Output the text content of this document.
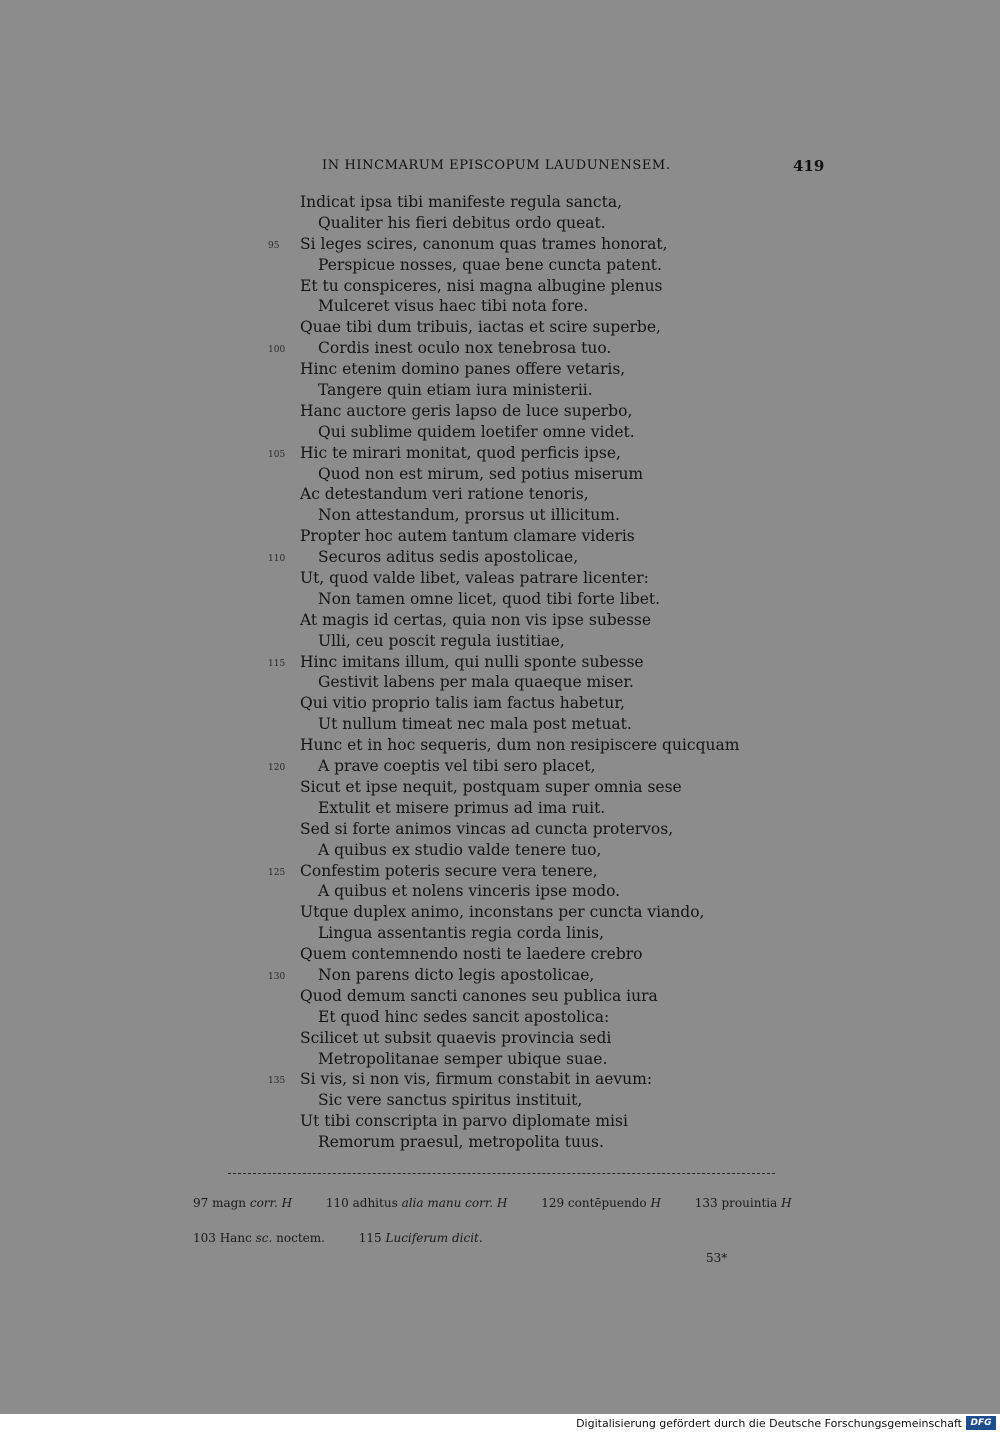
IN HINCMARUM EPISCOPUM LAUDUNENSEM.	419
Indicat ipsa tibi manifeste regula sancta,
Qualiter his fieri debitus ordo queat.
95 Si leges scires, canonum quas trames honorat,
Perspicue nosses, quae bene cuncta patent.
Et tu conspiceres, nisi magna albugine plenus
Mulceret visus haec tibi nota fore.
Quae tibi dum tribuis, iactas et scire superbe,
100 Cordis inest oculo nox tenebrosa tuo.
Hinc etenim domino panes offere vetaris,
Tangere quin etiam iura ministerii.
Hanc auctore geris lapso de luce superbo,
Qui sublime quidem loetifer omne videt.
105 Hic te mirari monitat, quod perficis ipse,
Quod non est mirum, sed potius miserum
Ac detestandum veri ratione tenoris,
Non attestandum, prorsus ut illicitum.
Propter hoc autem tantum clamare videris
110 Securos aditus sedis apostolicae,
Ut, quod valde libet, valeas patrare licenter:
Non tamen omne licet, quod tibi forte libet.
At magis id certas, quia non vis ipse subesse
Ulli, ceu poscit regula iustitiae,
115 Hinc imitans illum, qui nulli sponte subesse
Gestivit labens per mala quaeque miser.
Qui vitio proprio talis iam factus habetur,
Ut nullum timeat nec mala post metuat.
Hunc et in hoc sequeris, dum non resipiscere quicquam
120 A prave coeptis vel tibi sero placet,
Sicut et ipse nequit, postquam super omnia sese
Extulit et misere primus ad ima ruit.
Sed si forte animos vincas ad cuncta protervos,
A quibus ex studio valde tenere tuo,
125 Confestim poteris secure vera tenere,
A quibus et nolens vinceris ipse modo.
Utque duplex animo, inconstans per cuncta viando,
Lingua assentantis regia corda linis,
Quem contemnendo nosti te laedere crebro
130 Non parens dicto legis apostolicae,
Quod demum sancti canones seu publica iura
Et quod hinc sedes sancit apostolica:
Scilicet ut subsit quaevis provincia sedi
Metropolitanae semper ubique suae.
135 Si vis, si non vis, firmum constabit in aevum:
Sic vere sanctus spiritus instituit,
Ut tibi conscripta in parvo diplomate misi
Remorum praesul, metropolita tuus.
97 magn corr. H	110 adhitus alia manu corr. H	129 contēpuendo H	133 prouintia H
103 Hanc sc. noctem.	115 Luciferum dicit.
53*
Digitalisierung gefördert durch die Deutsche Forschungsgemeinschaft DFG
